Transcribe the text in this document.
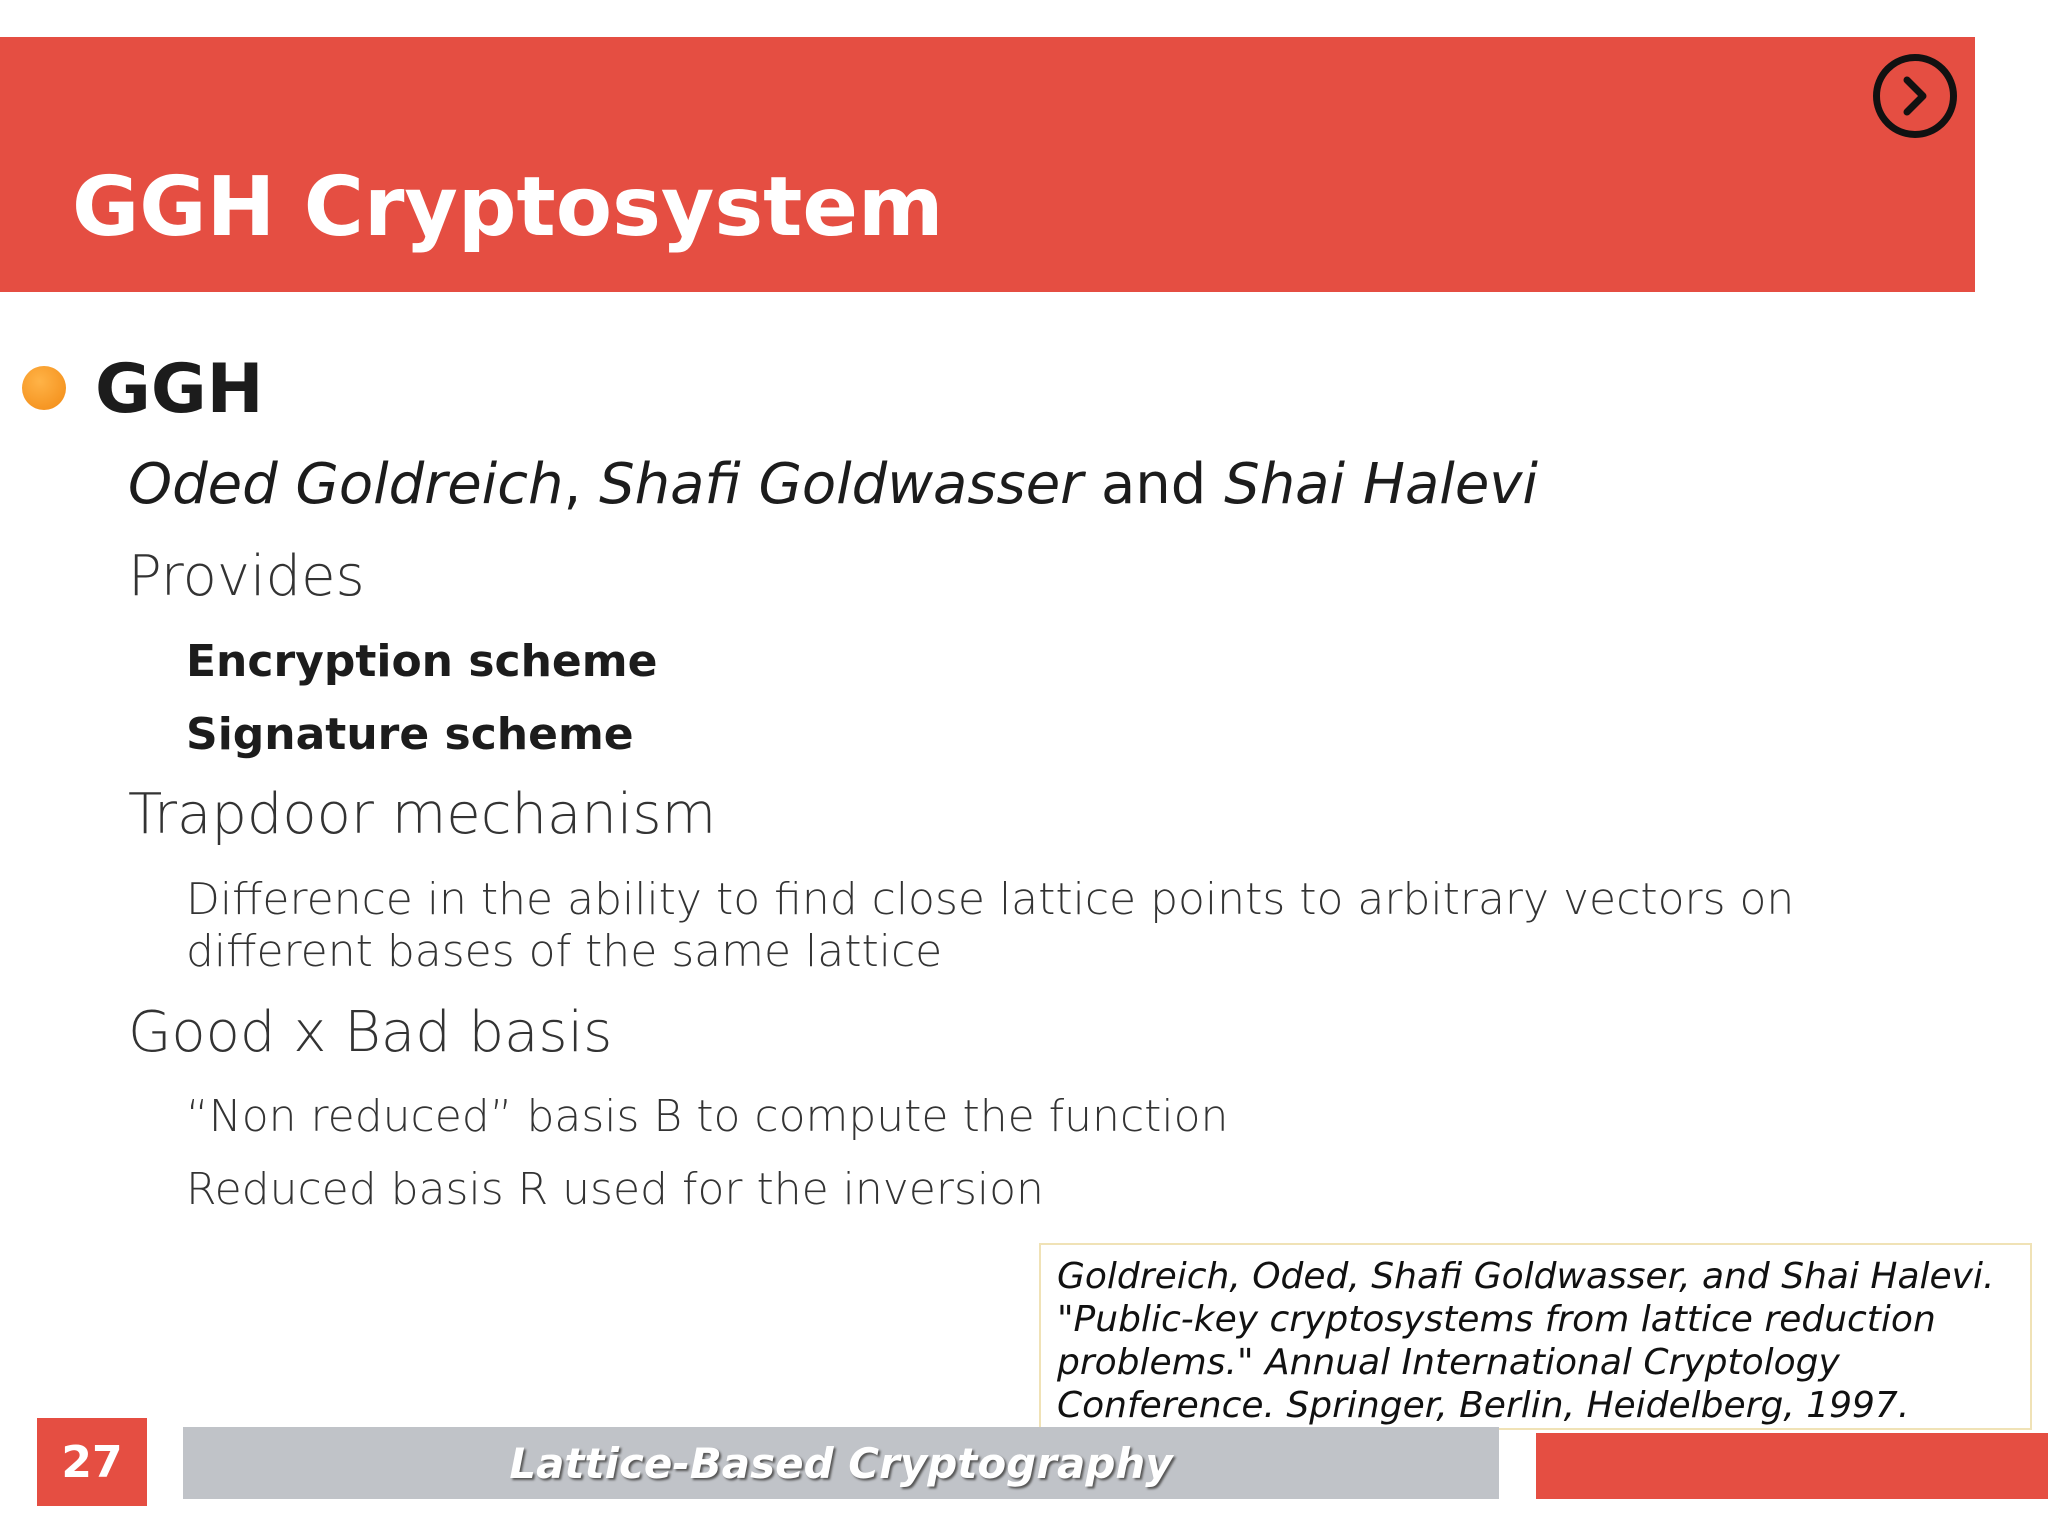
GGH Cryptosystem
GGH
Oded Goldreich, Shafi Goldwasser and Shai Halevi
Provides
Encryption scheme
Signature scheme
Trapdoor mechanism
Difference in the ability to find close lattice points to arbitrary vectors on
different bases of the same lattice
Good x Bad basis
“Non reduced” basis B to compute the function
Reduced basis R used for the inversion
Goldreich, Oded, Shafi Goldwasser, and Shai Halevi. "Public-key cryptosystems from lattice reduction problems." Annual International Cryptology Conference. Springer, Berlin, Heidelberg, 1997.
27	Lattice-Based Cryptography
